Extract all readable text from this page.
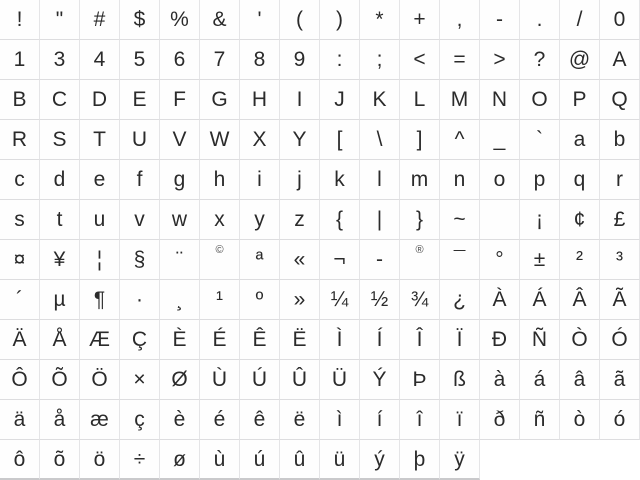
! " # $ % & ' ( ) * + , - . / 0
1 3 4 5 6 7 8 9 : ; < = > ? @ A
B C D E F G H I J K L M N O P Q
R S T U V W X Y [ \ ] ^ _ ` a b
c d e f g h i j k l m n o p q r
s t u v w x y z { | } ~	¡ ¢ £
¤ ¥ ¦ § ¨	© ª « ¬ -	® ¯ ° ± ² ³
´ µ ¶ · ¸ ¹ º » ¼ ½ ¾ ¿ À Á Â Ã
Ä Å Æ Ç È É Ê Ë Ì Í Î Ï Ð Ñ Ò Ó
Ô Õ Ö × Ø Ù Ú Û Ü Ý Þ ß à á â ã
ä å æ ç è é ê ë ì í î ï ð ñ ò ó
ô õ ö ÷ ø ù ú û ü ý þ ÿ
